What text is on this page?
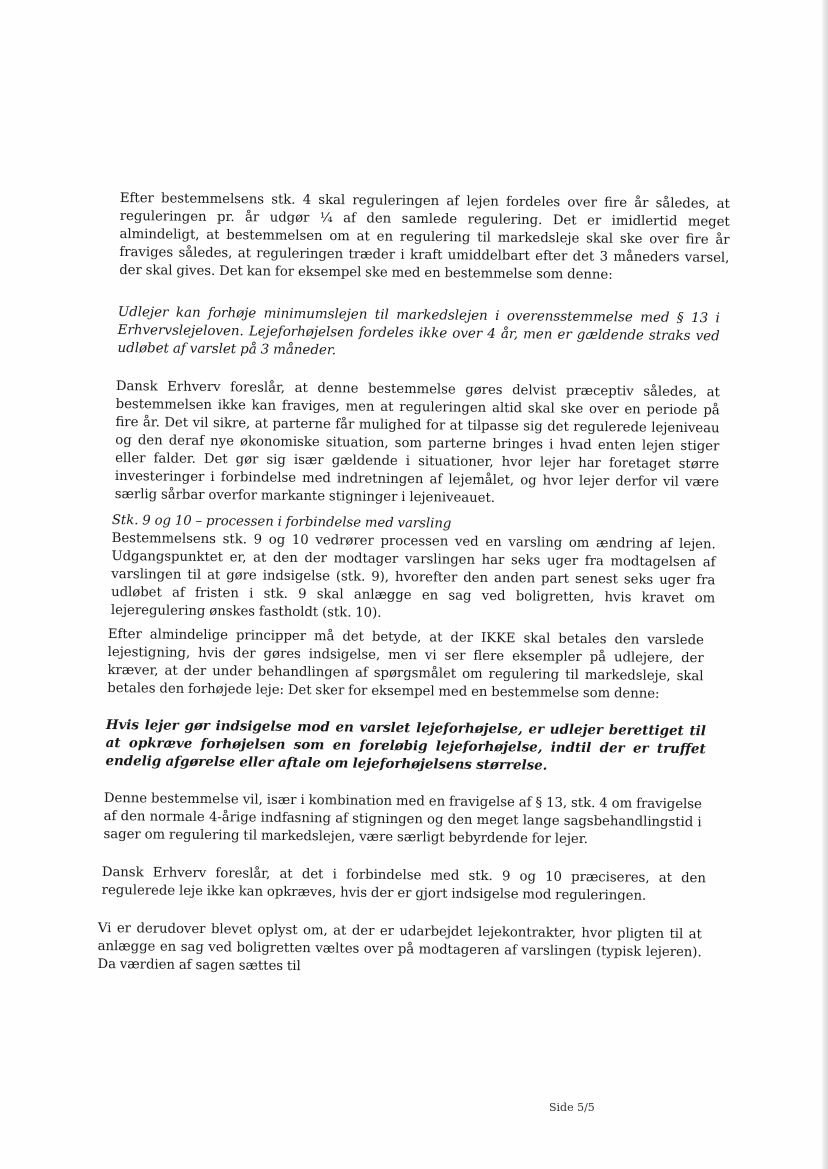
Efter bestemmelsens stk. 4 skal reguleringen af lejen fordeles over fire år således, at reguleringen pr. år udgør ¼ af den samlede regulering. Det er imidlertid meget almindeligt, at bestemmelsen om at en regulering til markedsleje skal ske over fire år fraviges således, at reguleringen træder i kraft umiddelbart efter det 3 måneders varsel, der skal gives. Det kan for eksempel ske med en bestemmelse som denne:

Udlejer kan forhøje minimumslejen til markedslejen i overensstemmelse med § 13 i Erhvervslejeloven. Lejeforhøjelsen fordeles ikke over 4 år, men er gældende straks ved udløbet af varslet på 3 måneder.

Dansk Erhverv foreslår, at denne bestemmelse gøres delvist præceptiv således, at bestemmelsen ikke kan fraviges, men at reguleringen altid skal ske over en periode på fire år. Det vil sikre, at parterne får mulighed for at tilpasse sig det regulerede lejeniveau og den deraf nye økonomiske situation, som parterne bringes i hvad enten lejen stiger eller falder. Det gør sig især gældende i situationer, hvor lejer har foretaget større investeringer i forbindelse med indretningen af lejemålet, og hvor lejer derfor vil være særlig sårbar overfor markante stigninger i lejeniveauet.

Stk. 9 og 10 – processen i forbindelse med varsling
Bestemmelsens stk. 9 og 10 vedrører processen ved en varsling om ændring af lejen. Udgangspunktet er, at den der modtager varslingen har seks uger fra modtagelsen af varslingen til at gøre indsigelse (stk. 9), hvorefter den anden part senest seks uger fra udløbet af fristen i stk. 9 skal anlægge en sag ved boligretten, hvis kravet om lejeregulering ønskes fastholdt (stk. 10).

Efter almindelige principper må det betyde, at der IKKE skal betales den varslede lejestigning, hvis der gøres indsigelse, men vi ser flere eksempler på udlejere, der kræver, at der under behandlingen af spørgsmålet om regulering til markedsleje, skal betales den forhøjede leje: Det sker for eksempel med en bestemmelse som denne:

Hvis lejer gør indsigelse mod en varslet lejeforhøjelse, er udlejer berettiget til at opkræve forhøjelsen som en foreløbig lejeforhøjelse, indtil der er truffet endelig afgørelse eller aftale om lejeforhøjelsens størrelse.

Denne bestemmelse vil, især i kombination med en fravigelse af § 13, stk. 4 om fravigelse af den normale 4-årige indfasning af stigningen og den meget lange sagsbehandlingstid i sager om regulering til markedslejen, være særligt bebyrdende for lejer.

Dansk Erhverv foreslår, at det i forbindelse med stk. 9 og 10 præciseres, at den regulerede leje ikke kan opkræves, hvis der er gjort indsigelse mod reguleringen.

Vi er derudover blevet oplyst om, at der er udarbejdet lejekontrakter, hvor pligten til at anlægge en sag ved boligretten væltes over på modtageren af varslingen (typisk lejeren). Da værdien af sagen sættes til

Side 5/5
